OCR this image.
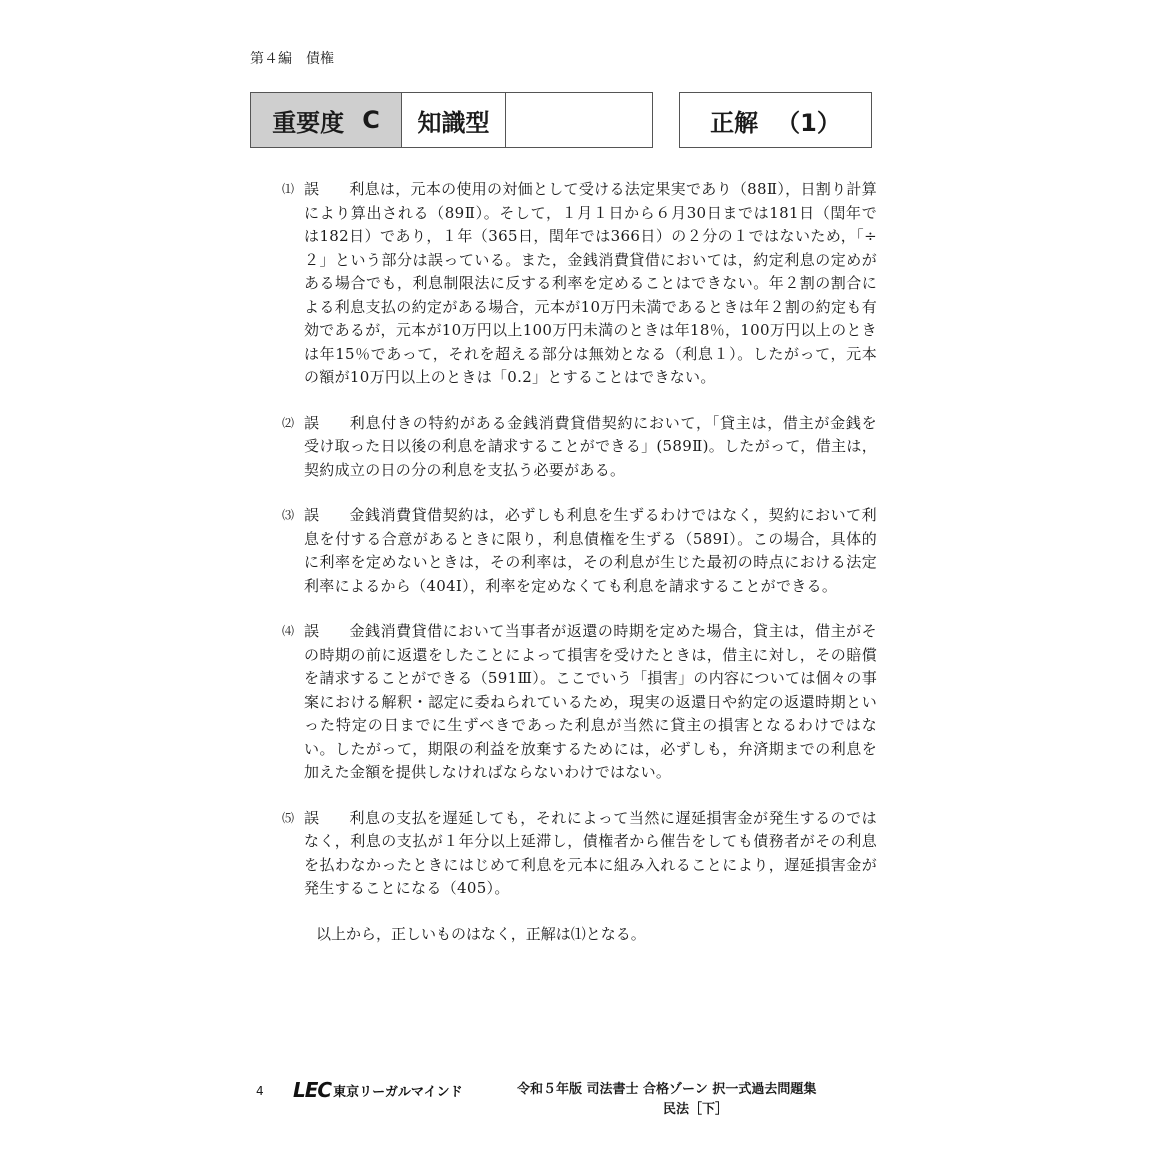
第４編　債権
重要度 C	知識型	正解 （1）
⑴ 誤 利息は，元本の使用の対価として受ける法定果実であり（88Ⅱ），日割り計算により算出される（89Ⅱ）。そして，１月１日から６月30日までは181日（閏年では182日）であり，１年（365日，閏年では366日）の２分の１ではないため，「÷２」という部分は誤っている。また，金銭消費貸借においては，約定利息の定めがある場合でも，利息制限法に反する利率を定めることはできない。年２割の割合による利息支払の約定がある場合，元本が10万円未満であるときは年２割の約定も有効であるが，元本が10万円以上100万円未満のときは年18％，100万円以上のときは年15％であって，それを超える部分は無効となる（利息１）。したがって，元本の額が10万円以上のときは「0.2」とすることはできない。
⑵ 誤 利息付きの特約がある金銭消費貸借契約において，「貸主は，借主が金銭を受け取った日以後の利息を請求することができる」(589Ⅱ)。したがって，借主は，契約成立の日の分の利息を支払う必要がある。
⑶ 誤 金銭消費貸借契約は，必ずしも利息を生ずるわけではなく，契約において利息を付する合意があるときに限り，利息債権を生ずる（589Ⅰ）。この場合，具体的に利率を定めないときは，その利率は，その利息が生じた最初の時点における法定利率によるから（404Ⅰ），利率を定めなくても利息を請求することができる。
⑷ 誤 金銭消費貸借において当事者が返還の時期を定めた場合，貸主は，借主がその時期の前に返還をしたことによって損害を受けたときは，借主に対し，その賠償を請求することができる（591Ⅲ）。ここでいう「損害」の内容については個々の事案における解釈・認定に委ねられているため，現実の返還日や約定の返還時期といった特定の日までに生ずべきであった利息が当然に貸主の損害となるわけではない。したがって，期限の利益を放棄するためには，必ずしも，弁済期までの利息を加えた金額を提供しなければならないわけではない。
⑸ 誤 利息の支払を遅延しても，それによって当然に遅延損害金が発生するのではなく，利息の支払が１年分以上延滞し，債権者から催告をしても債務者がその利息を払わなかったときにはじめて利息を元本に組み入れることにより，遅延損害金が発生することになる（405）。
以上から，正しいものはなく，正解は⑴となる。
4 LEC 東京リーガルマインド	令和５年版 司法書士 合格ゾーン 択一式過去問題集
民法［下］
